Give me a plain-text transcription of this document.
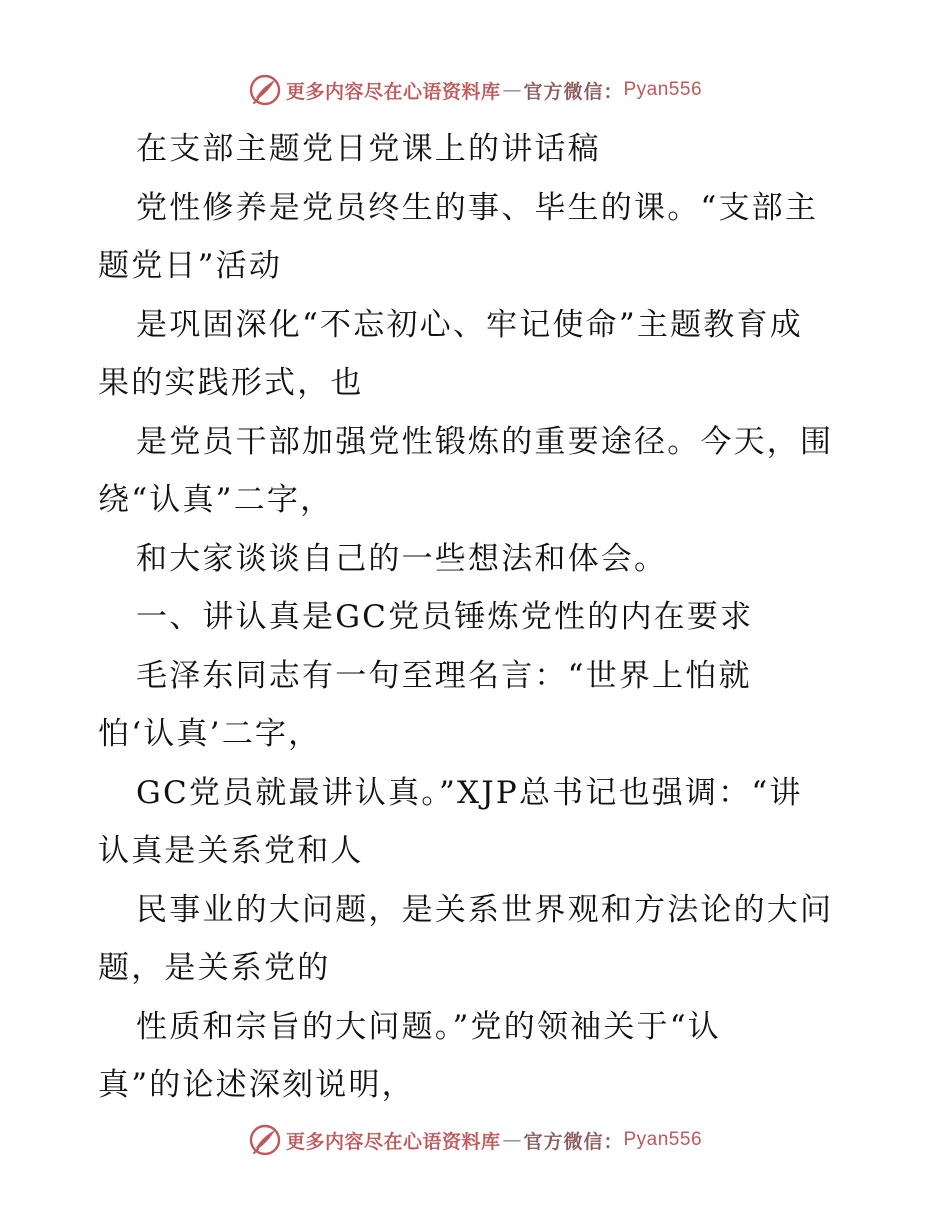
更多内容尽在心语资料库 — 官方微信： Pyan556
在支部主题党日党课上的讲话稿
党性修养是党员终生的事、毕生的课。“支部主
题党日”活动
是巩固深化“不忘初心、牢记使命”主题教育成
果的实践形式，也
是党员干部加强党性锻炼的重要途径。今天，围
绕“认真”二字，
和大家谈谈自己的一些想法和体会。
一、讲认真是GC党员锤炼党性的内在要求
毛泽东同志有一句至理名言：“世界上怕就
怕‘认真’二字，
GC党员就最讲认真。”XJP总书记也强调：“讲
认真是关系党和人
民事业的大问题，是关系世界观和方法论的大问
题，是关系党的
性质和宗旨的大问题。”党的领袖关于“认
真”的论述深刻说明，
更多内容尽在心语资料库 — 官方微信： Pyan556
